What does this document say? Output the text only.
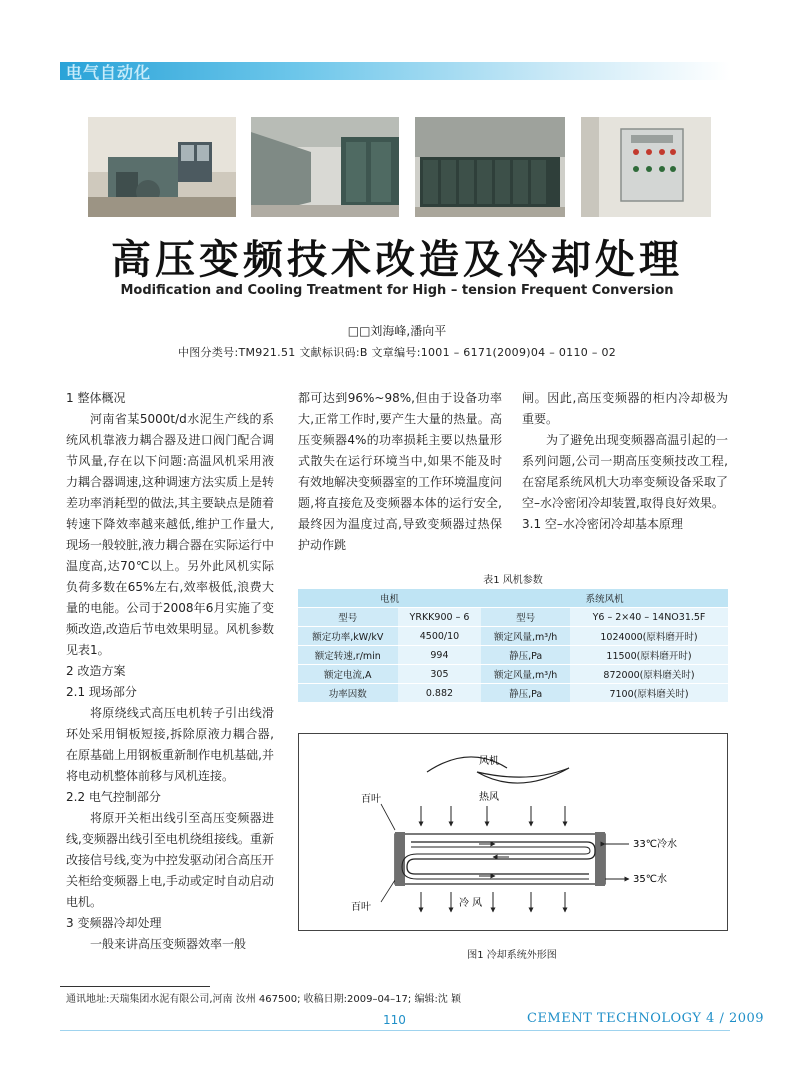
电气自动化
高压变频技术改造及冷却处理
Modification and Cooling Treatment for High – tension Frequent Conversion
□□刘海峰,潘向平
中图分类号:TM921.51 文献标识码:B 文章编号:1001 – 6171(2009)04 – 0110 – 02

1 整体概况

河南省某5000t/d水泥生产线的系统风机靠液力耦合器及进口阀门配合调节风量,存在以下问题:高温风机采用液力耦合器调速,这种调速方法实质上是转差功率消耗型的做法,其主要缺点是随着转速下降效率越来越低,维护工作量大,现场一般较脏,液力耦合器在实际运行中温度高,达70℃以上。另外此风机实际负荷多数在65%左右,效率极低,浪费大量的电能。公司于2008年6月实施了变频改造,改造后节电效果明显。风机参数见表1。

2 改造方案

2.1 现场部分

将原绕线式高压电机转子引出线滑环处采用铜板短接,拆除原液力耦合器,在原基础上用钢板重新制作电机基础,并将电动机整体前移与风机连接。

2.2 电气控制部分

将原开关柜出线引至高压变频器进线,变频器出线引至电机绕组接线。重新改接信号线,变为中控发驱动闭合高压开关柜给变频器上电,手动或定时自动启动电机。

3 变频器冷却处理

一般来讲高压变频器效率一般

都可达到96%~98%,但由于设备功率大,正常工作时,要产生大量的热量。高压变频器4%的功率损耗主要以热量形式散失在运行环境当中,如果不能及时有效地解决变频器室的工作环境温度问题,将直接危及变频器本体的运行安全,最终因为温度过高,导致变频器过热保护动作跳

闸。因此,高压变频器的柜内冷却极为重要。

为了避免出现变频器高温引起的一系列问题,公司一期高压变频技改工程,在窑尾系统风机大功率变频设备采取了空–水冷密闭冷却装置,取得良好效果。

3.1 空–水冷密闭冷却基本原理

表1 风机参数
电机		系统风机	
型号	YRKK900 – 6	型号	Y6 – 2×40 – 14NO31.5F
额定功率,kW/kV	4500/10	额定风量,m³/h	1024000(原料磨开时)
额定转速,r/min	994	静压,Pa	11500(原料磨开时)
额定电流,A	305	额定风量,m³/h	872000(原料磨关时)
功率因数	0.882	静压,Pa	7100(原料磨关时)
风机
热风
百叶
百叶
33℃冷水
35℃水
冷 风
图1 冷却系统外形图
通讯地址:天瑞集团水泥有限公司,河南 汝州 467500; 收稿日期:2009–04–17; 编辑:沈 颖
110	CEMENT TECHNOLOGY 4 / 2009
